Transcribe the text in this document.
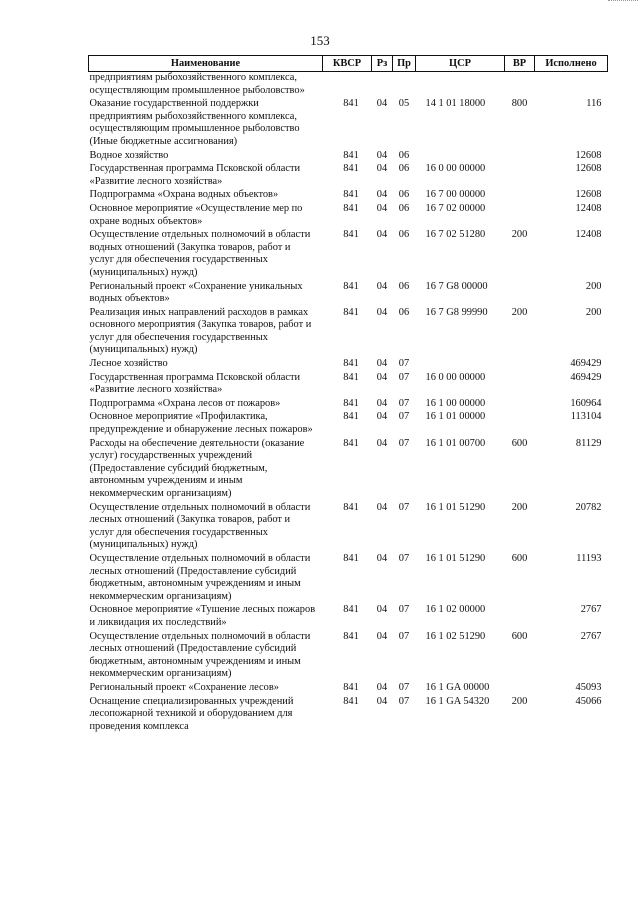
153
Наименование	КВСР	Рз	Пр	ЦСР	ВР	Исполнено
предприятиям рыбохозяйственного комплекса, осуществляющим промышленное рыболовство»						
Оказание государственной поддержки предприятиям рыбохозяйственного комплекса, осуществляющим промышленное рыболовство (Иные бюджетные ассигнования)	841	04	05	14 1 01 18000	800	116
Водное хозяйство	841	04	06			12608
Государственная программа Псковской области «Развитие лесного хозяйства»	841	04	06	16 0 00 00000		12608
Подпрограмма «Охрана водных объектов»	841	04	06	16 7 00 00000		12608
Основное мероприятие «Осуществление мер по охране водных объектов»	841	04	06	16 7 02 00000		12408
Осуществление отдельных полномочий в области водных отношений (Закупка товаров, работ и услуг для обеспечения государственных (муниципальных) нужд)	841	04	06	16 7 02 51280	200	12408
Региональный проект «Сохранение уникальных водных объектов»	841	04	06	16 7 G8 00000		200
Реализация иных направлений расходов в рамках основного мероприятия (Закупка товаров, работ и услуг для обеспечения государственных (муниципальных) нужд)	841	04	06	16 7 G8 99990	200	200
Лесное хозяйство	841	04	07			469429
Государственная программа Псковской области «Развитие лесного хозяйства»	841	04	07	16 0 00 00000		469429
Подпрограмма «Охрана лесов от пожаров»	841	04	07	16 1 00 00000		160964
Основное мероприятие «Профилактика, предупреждение и обнаружение лесных пожаров»	841	04	07	16 1 01 00000		113104
Расходы на обеспечение деятельности (оказание услуг) государственных учреждений (Предоставление субсидий бюджетным, автономным учреждениям и иным некоммерческим организациям)	841	04	07	16 1 01 00700	600	81129
Осуществление отдельных полномочий в области лесных отношений (Закупка товаров, работ и услуг для обеспечения государственных (муниципальных) нужд)	841	04	07	16 1 01 51290	200	20782
Осуществление отдельных полномочий в области лесных отношений (Предоставление субсидий бюджетным, автономным учреждениям и иным некоммерческим организациям)	841	04	07	16 1 01 51290	600	11193
Основное мероприятие «Тушение лесных пожаров и ликвидация их последствий»	841	04	07	16 1 02 00000		2767
Осуществление отдельных полномочий в области лесных отношений (Предоставление субсидий бюджетным, автономным учреждениям и иным некоммерческим организациям)	841	04	07	16 1 02 51290	600	2767
Региональный проект «Сохранение лесов»	841	04	07	16 1 GA 00000		45093
Оснащение специализированных учреждений лесопожарной техникой и оборудованием для проведения комплекса	841	04	07	16 1 GA 54320	200	45066
